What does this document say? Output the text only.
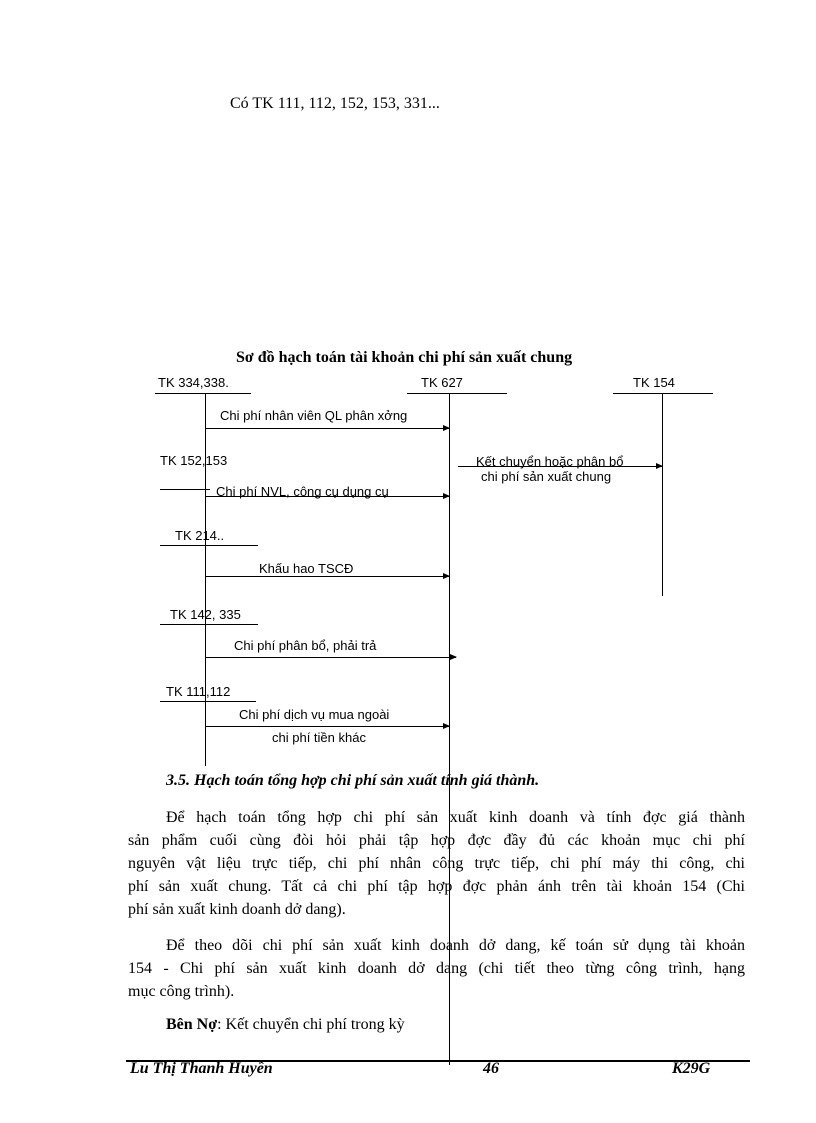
Có TK 111, 112, 152, 153, 331...
Sơ đồ hạch toán tài khoản chi phí sản xuất chung
TK 334,338.	TK 627	TK 154
Chi phí nhân viên QL phân xởng
Kết chuyển hoặc phân bổ
chi phí sản xuất chung
TK 152,153
Chi phí NVL, công cụ dụng cụ
TK 214..
Khấu hao TSCĐ
TK 142, 335
Chi phí phân bổ, phải trả
TK 111,112
Chi phí dịch vụ mua ngoài
chi phí tiền khác
3.5. Hạch toán tổng hợp chi phí sản xuất tính giá thành.
Để hạch toán tổng hợp chi phí sản xuất kinh doanh và tính đợc giá thành
sản phẩm cuối cùng đòi hỏi phải tập hợp đợc đầy đủ các khoản mục chi phí
nguyên vật liệu trực tiếp, chi phí nhân công trực tiếp, chi phí máy thi công, chi
phí sản xuất chung. Tất cả chi phí tập hợp đợc phản ánh trên tài khoản 154 (Chi
phí sản xuất kinh doanh dở dang).
Để theo dõi chi phí sản xuất kinh doanh dở dang, kế toán sử dụng tài khoản
154 - Chi phí sản xuất kinh doanh dở dang (chi tiết theo từng công trình, hạng
mục công trình).
Bên Nợ: Kết chuyển chi phí trong kỳ
Lu Thị Thanh Huyền	46	K29G
